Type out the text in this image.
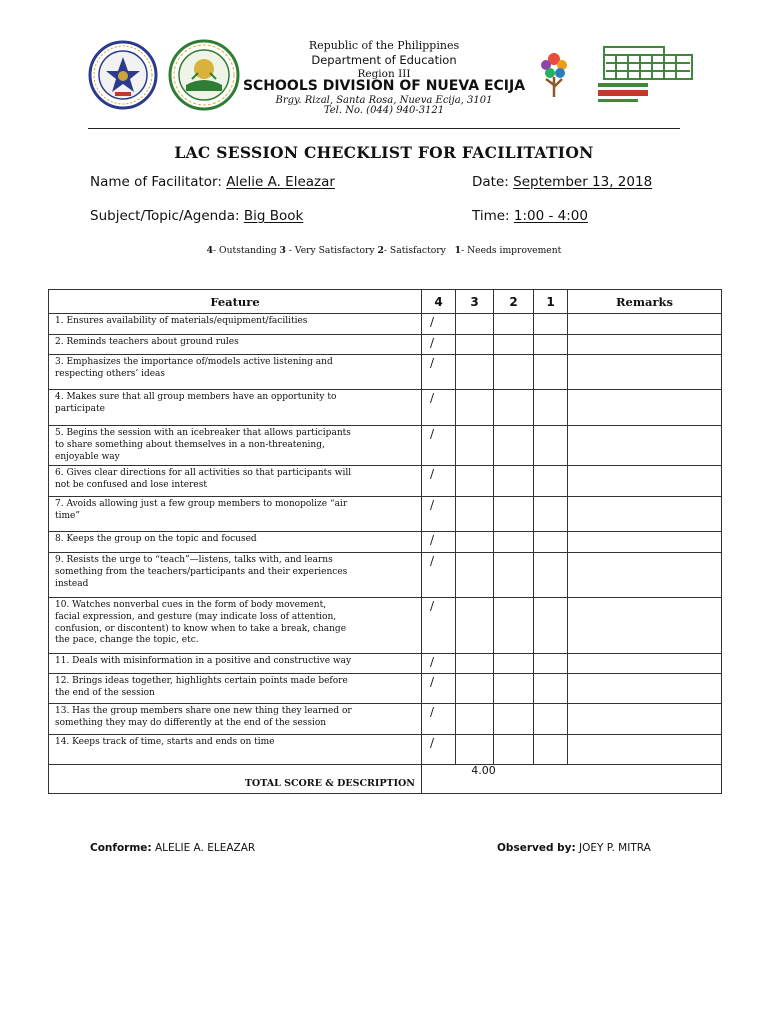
Republic of the Philippines
Department of Education
Region III
SCHOOLS DIVISION OF NUEVA ECIJA
Brgy. Rizal, Santa Rosa, Nueva Ecija, 3101
Tel. No. (044) 940-3121
LAC SESSION CHECKLIST FOR FACILITATION
Name of Facilitator: Alelie A. Eleazar	Date: September 13, 2018
Subject/Topic/Agenda: Big Book	Time: 1:00 - 4:00
4- Outstanding 3 - Very Satisfactory 2- Satisfactory 1- Needs improvement
Feature	4	3	2	1	Remarks

1. Ensures availability of materials/equipment/facilities	/				

2. Reminds teachers about ground rules	/				

3. Emphasizes the importance of/models active listening and
respecting others’ ideas	/				

4. Makes sure that all group members have an opportunity to
participate	/				

5. Begins the session with an icebreaker that allows participants
to share something about themselves in a non-threatening,
enjoyable way	/				

6. Gives clear directions for all activities so that participants will
not be confused and lose interest	/				

7. Avoids allowing just a few group members to monopolize “air
time”	/				

8. Keeps the group on the topic and focused	/				

9. Resists the urge to “teach”—listens, talks with, and learns
something from the teachers/participants and their experiences
instead	/				

10. Watches nonverbal cues in the form of body movement,
facial expression, and gesture (may indicate loss of attention,
confusion, or discontent) to know when to take a break, change
the pace, change the topic, etc.	/				

11. Deals with misinformation in a positive and constructive way	/				

12. Brings ideas together, highlights certain points made before
the end of the session	/				

13. Has the group members share one new thing they learned or
something they may do differently at the end of the session	/				

14. Keeps track of time, starts and ends on time	/				
TOTAL SCORE & DESCRIPTION	4.00				
Conforme: ALELIE A. ELEAZAR	Observed by: JOEY P. MITRA
